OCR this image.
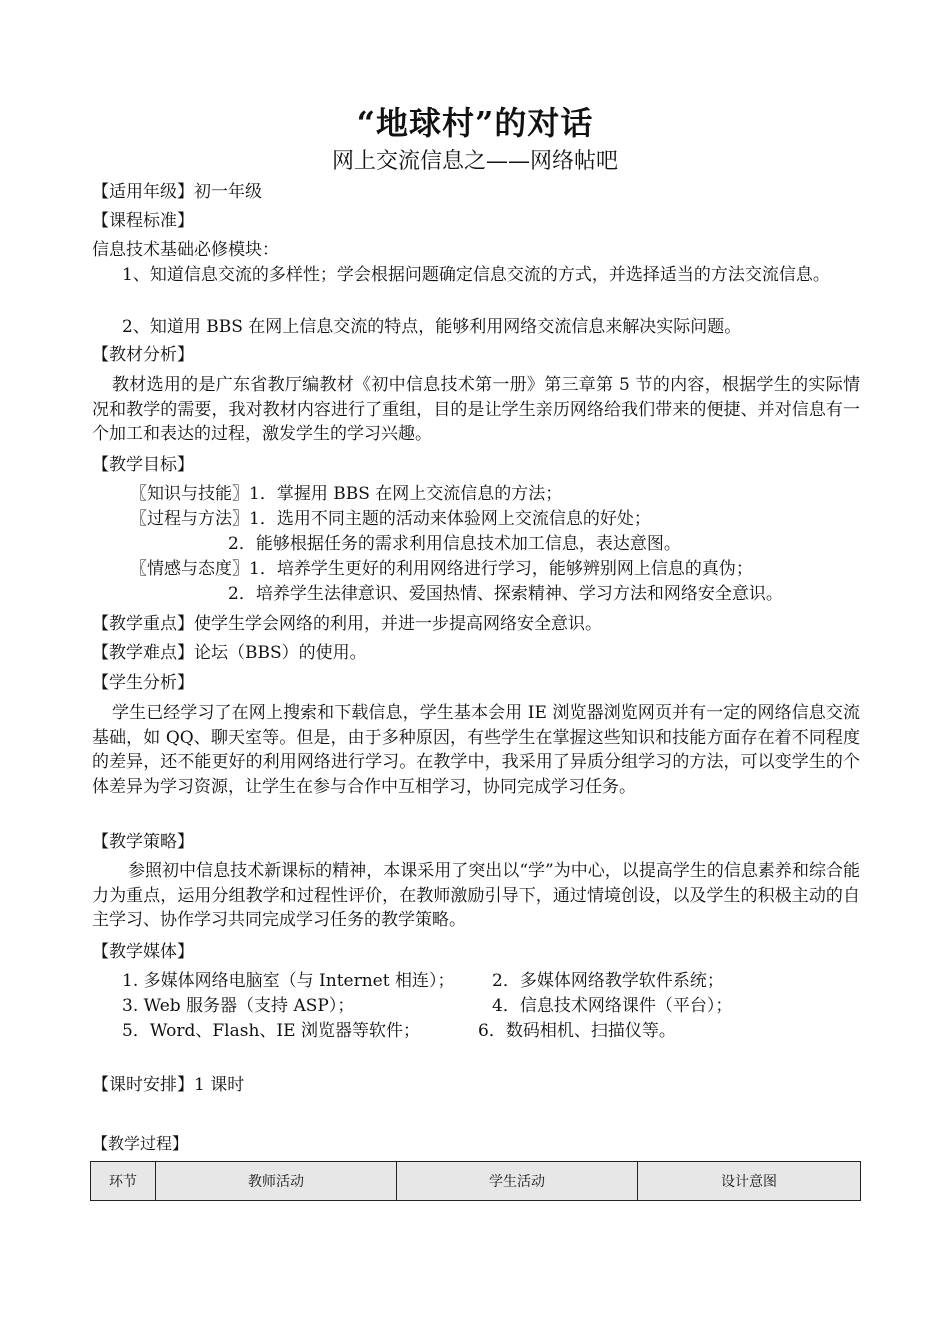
“地球村”的对话
网上交流信息之——网络帖吧
【适用年级】初一年级
【课程标准】
信息技术基础必修模块：
1、知道信息交流的多样性；学会根据问题确定信息交流的方式，并选择适当的方法交流信息。
2、知道用 BBS 在网上信息交流的特点，能够利用网络交流信息来解决实际问题。
【教材分析】
教材选用的是广东省教厅编教材《初中信息技术第一册》第三章第 5 节的内容，根据学生的实际情况和教学的需要，我对教材内容进行了重组，目的是让学生亲历网络给我们带来的便捷、并对信息有一个加工和表达的过程，激发学生的学习兴趣。
【教学目标】
〖知识与技能〗1．掌握用 BBS 在网上交流信息的方法；
〖过程与方法〗1．选用不同主题的活动来体验网上交流信息的好处；
2．能够根据任务的需求利用信息技术加工信息，表达意图。
〖情感与态度〗1．培养学生更好的利用网络进行学习，能够辨别网上信息的真伪；
2．培养学生法律意识、爱国热情、探索精神、学习方法和网络安全意识。
【教学重点】使学生学会网络的利用，并进一步提高网络安全意识。
【教学难点】论坛（BBS）的使用。
【学生分析】
学生已经学习了在网上搜索和下载信息，学生基本会用 IE 浏览器浏览网页并有一定的网络信息交流基础，如 QQ、聊天室等。但是，由于多种原因，有些学生在掌握这些知识和技能方面存在着不同程度的差异，还不能更好的利用网络进行学习。在教学中，我采用了异质分组学习的方法，可以变学生的个体差异为学习资源，让学生在参与合作中互相学习，协同完成学习任务。
【教学策略】
参照初中信息技术新课标的精神，本课采用了突出以“学”为中心，以提高学生的信息素养和综合能力为重点，运用分组教学和过程性评价，在教师激励引导下，通过情境创设，以及学生的积极主动的自主学习、协作学习共同完成学习任务的教学策略。
【教学媒体】
1. 多媒体网络电脑室（与 Internet 相连）；	2．多媒体网络教学软件系统；
3. Web 服务器（支持 ASP）；	4．信息技术网络课件（平台）；
5．Word、Flash、IE 浏览器等软件；	6．数码相机、扫描仪等。
【课时安排】1 课时
【教学过程】
环节	教师活动	学生活动	设计意图
